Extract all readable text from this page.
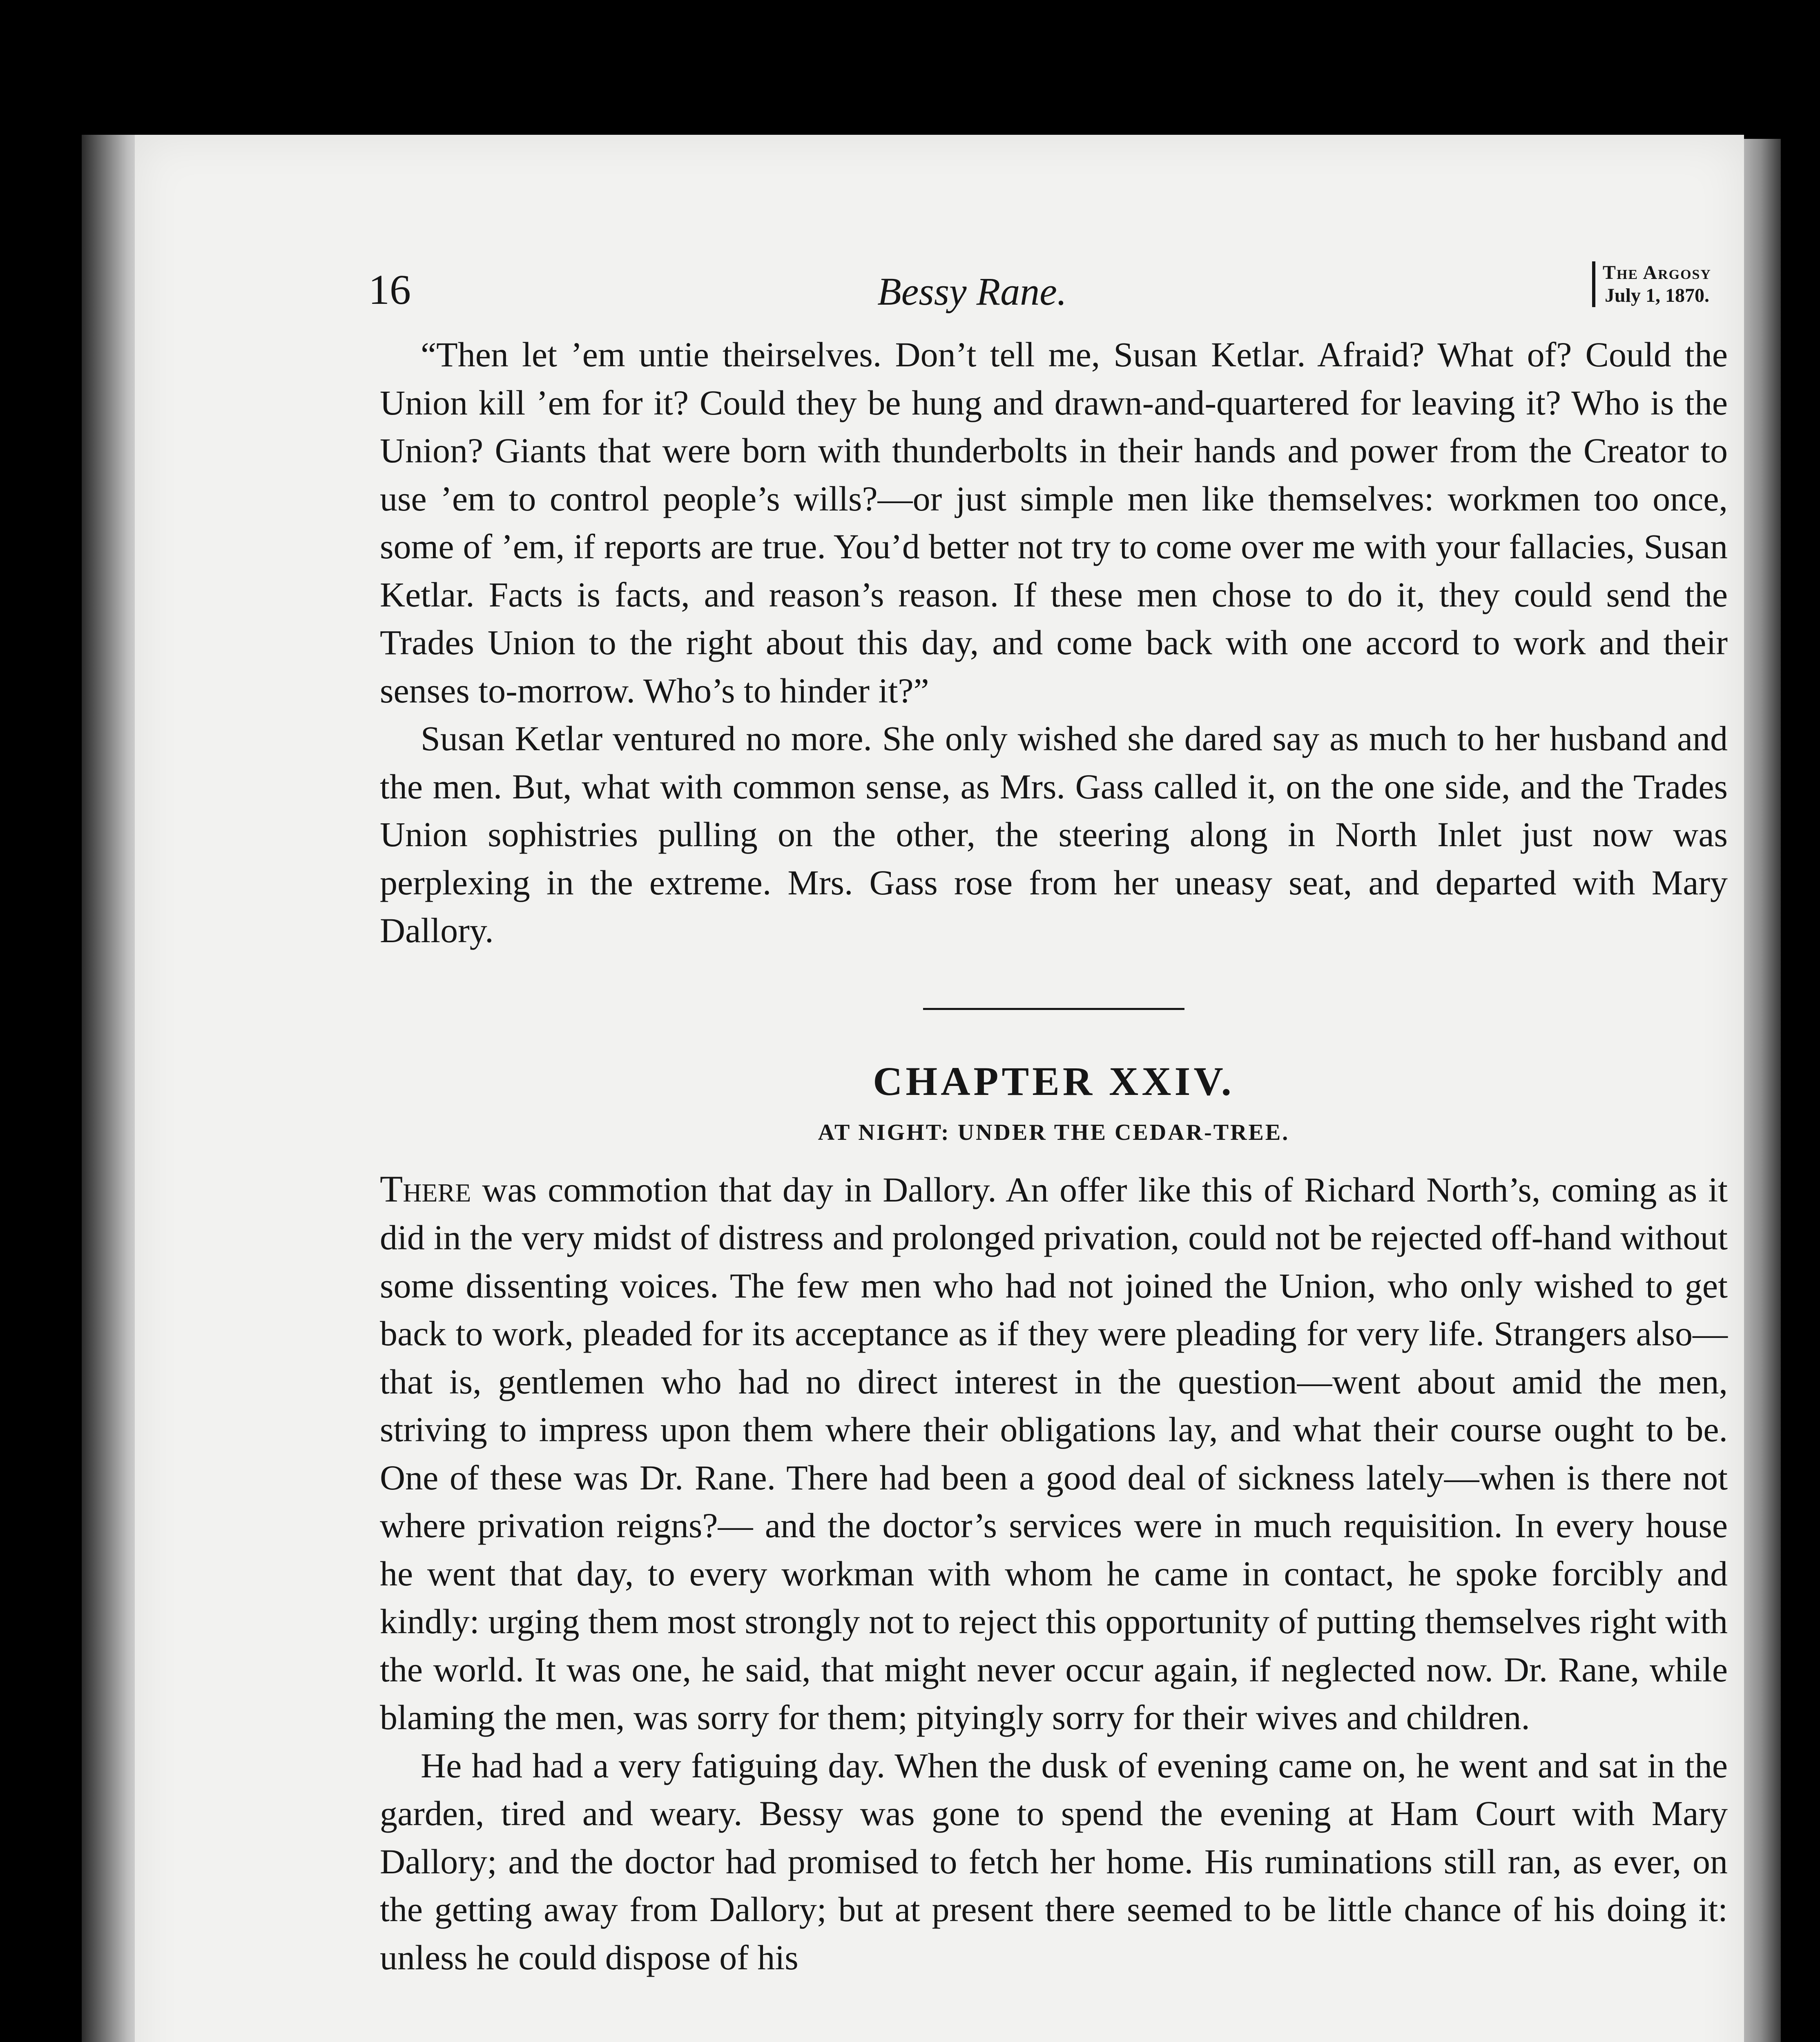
16	Bessy Rane.	The Argosy
July 1, 1870.

“Then let ’em untie theirselves. Don’t tell me, Susan Ketlar. Afraid? What of? Could the Union kill ’em for it? Could they be hung and drawn-and-quartered for leaving it? Who is the Union? Giants that were born with thunderbolts in their hands and power from the Creator to use ’em to control people’s wills?—or just simple men like themselves: workmen too once, some of ’em, if reports are true. You’d better not try to come over me with your fallacies, Susan Ketlar. Facts is facts, and reason’s reason. If these men chose to do it, they could send the Trades Union to the right about this day, and come back with one accord to work and their senses to-morrow. Who’s to hinder it?”

Susan Ketlar ventured no more. She only wished she dared say as much to her husband and the men. But, what with common sense, as Mrs. Gass called it, on the one side, and the Trades Union sophistries pulling on the other, the steering along in North Inlet just now was perplexing in the extreme. Mrs. Gass rose from her uneasy seat, and departed with Mary Dallory.

CHAPTER XXIV.
AT NIGHT: UNDER THE CEDAR-TREE.

There was commotion that day in Dallory. An offer like this of Richard North’s, coming as it did in the very midst of distress and prolonged privation, could not be rejected off-hand without some dissenting voices. The few men who had not joined the Union, who only wished to get back to work, pleaded for its acceptance as if they were pleading for very life. Strangers also—that is, gentlemen who had no direct interest in the question—went about amid the men, striving to impress upon them where their obligations lay, and what their course ought to be. One of these was Dr. Rane. There had been a good deal of sickness lately—when is there not where privation reigns?— and the doctor’s services were in much requisition. In every house he went that day, to every workman with whom he came in contact, he spoke forcibly and kindly: urging them most strongly not to reject this opportunity of putting themselves right with the world. It was one, he said, that might never occur again, if neglected now. Dr. Rane, while blaming the men, was sorry for them; pityingly sorry for their wives and children.

He had had a very fatiguing day. When the dusk of evening came on, he went and sat in the garden, tired and weary. Bessy was gone to spend the evening at Ham Court with Mary Dallory; and the doctor had promised to fetch her home. His ruminations still ran, as ever, on the getting away from Dallory; but at present there seemed to be little chance of his doing it: unless he could dispose of his
